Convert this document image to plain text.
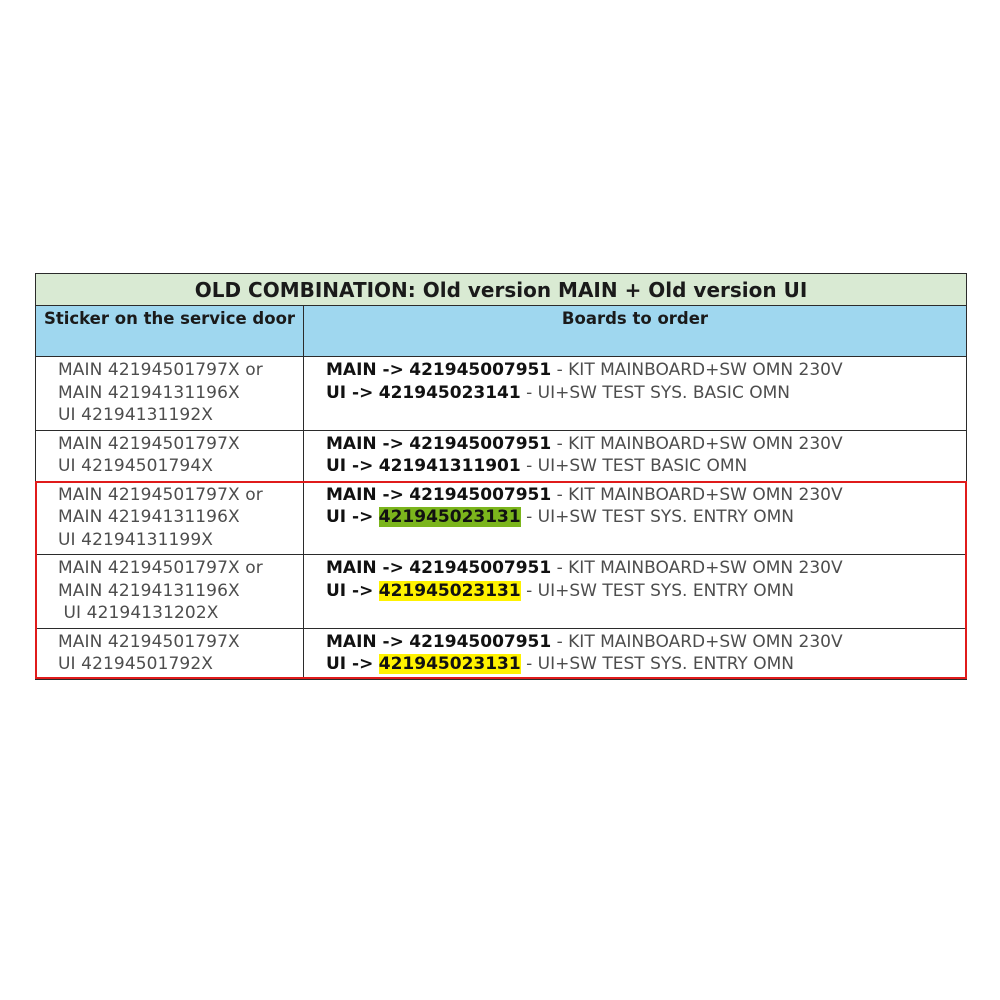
OLD COMBINATION: Old version MAIN + Old version UI	
Sticker on the service door	Boards to order

MAIN 42194501797X or
MAIN 42194131196X
UI 42194131192X	MAIN -> 421945007951 - KIT MAINBOARD+SW OMN 230V
UI -> 421945023141 - UI+SW TEST SYS. BASIC OMN

MAIN 42194501797X
UI 42194501794X	MAIN -> 421945007951 - KIT MAINBOARD+SW OMN 230V
UI -> 421941311901 - UI+SW TEST BASIC OMN

MAIN 42194501797X or
MAIN 42194131196X
UI 42194131199X	MAIN -> 421945007951 - KIT MAINBOARD+SW OMN 230V
UI -> 421945023131 - UI+SW TEST SYS. ENTRY OMN

MAIN 42194501797X or
MAIN 42194131196X
UI 42194131202X	MAIN -> 421945007951 - KIT MAINBOARD+SW OMN 230V
UI -> 421945023131 - UI+SW TEST SYS. ENTRY OMN

MAIN 42194501797X
UI 42194501792X	MAIN -> 421945007951 - KIT MAINBOARD+SW OMN 230V
UI -> 421945023131 - UI+SW TEST SYS. ENTRY OMN
